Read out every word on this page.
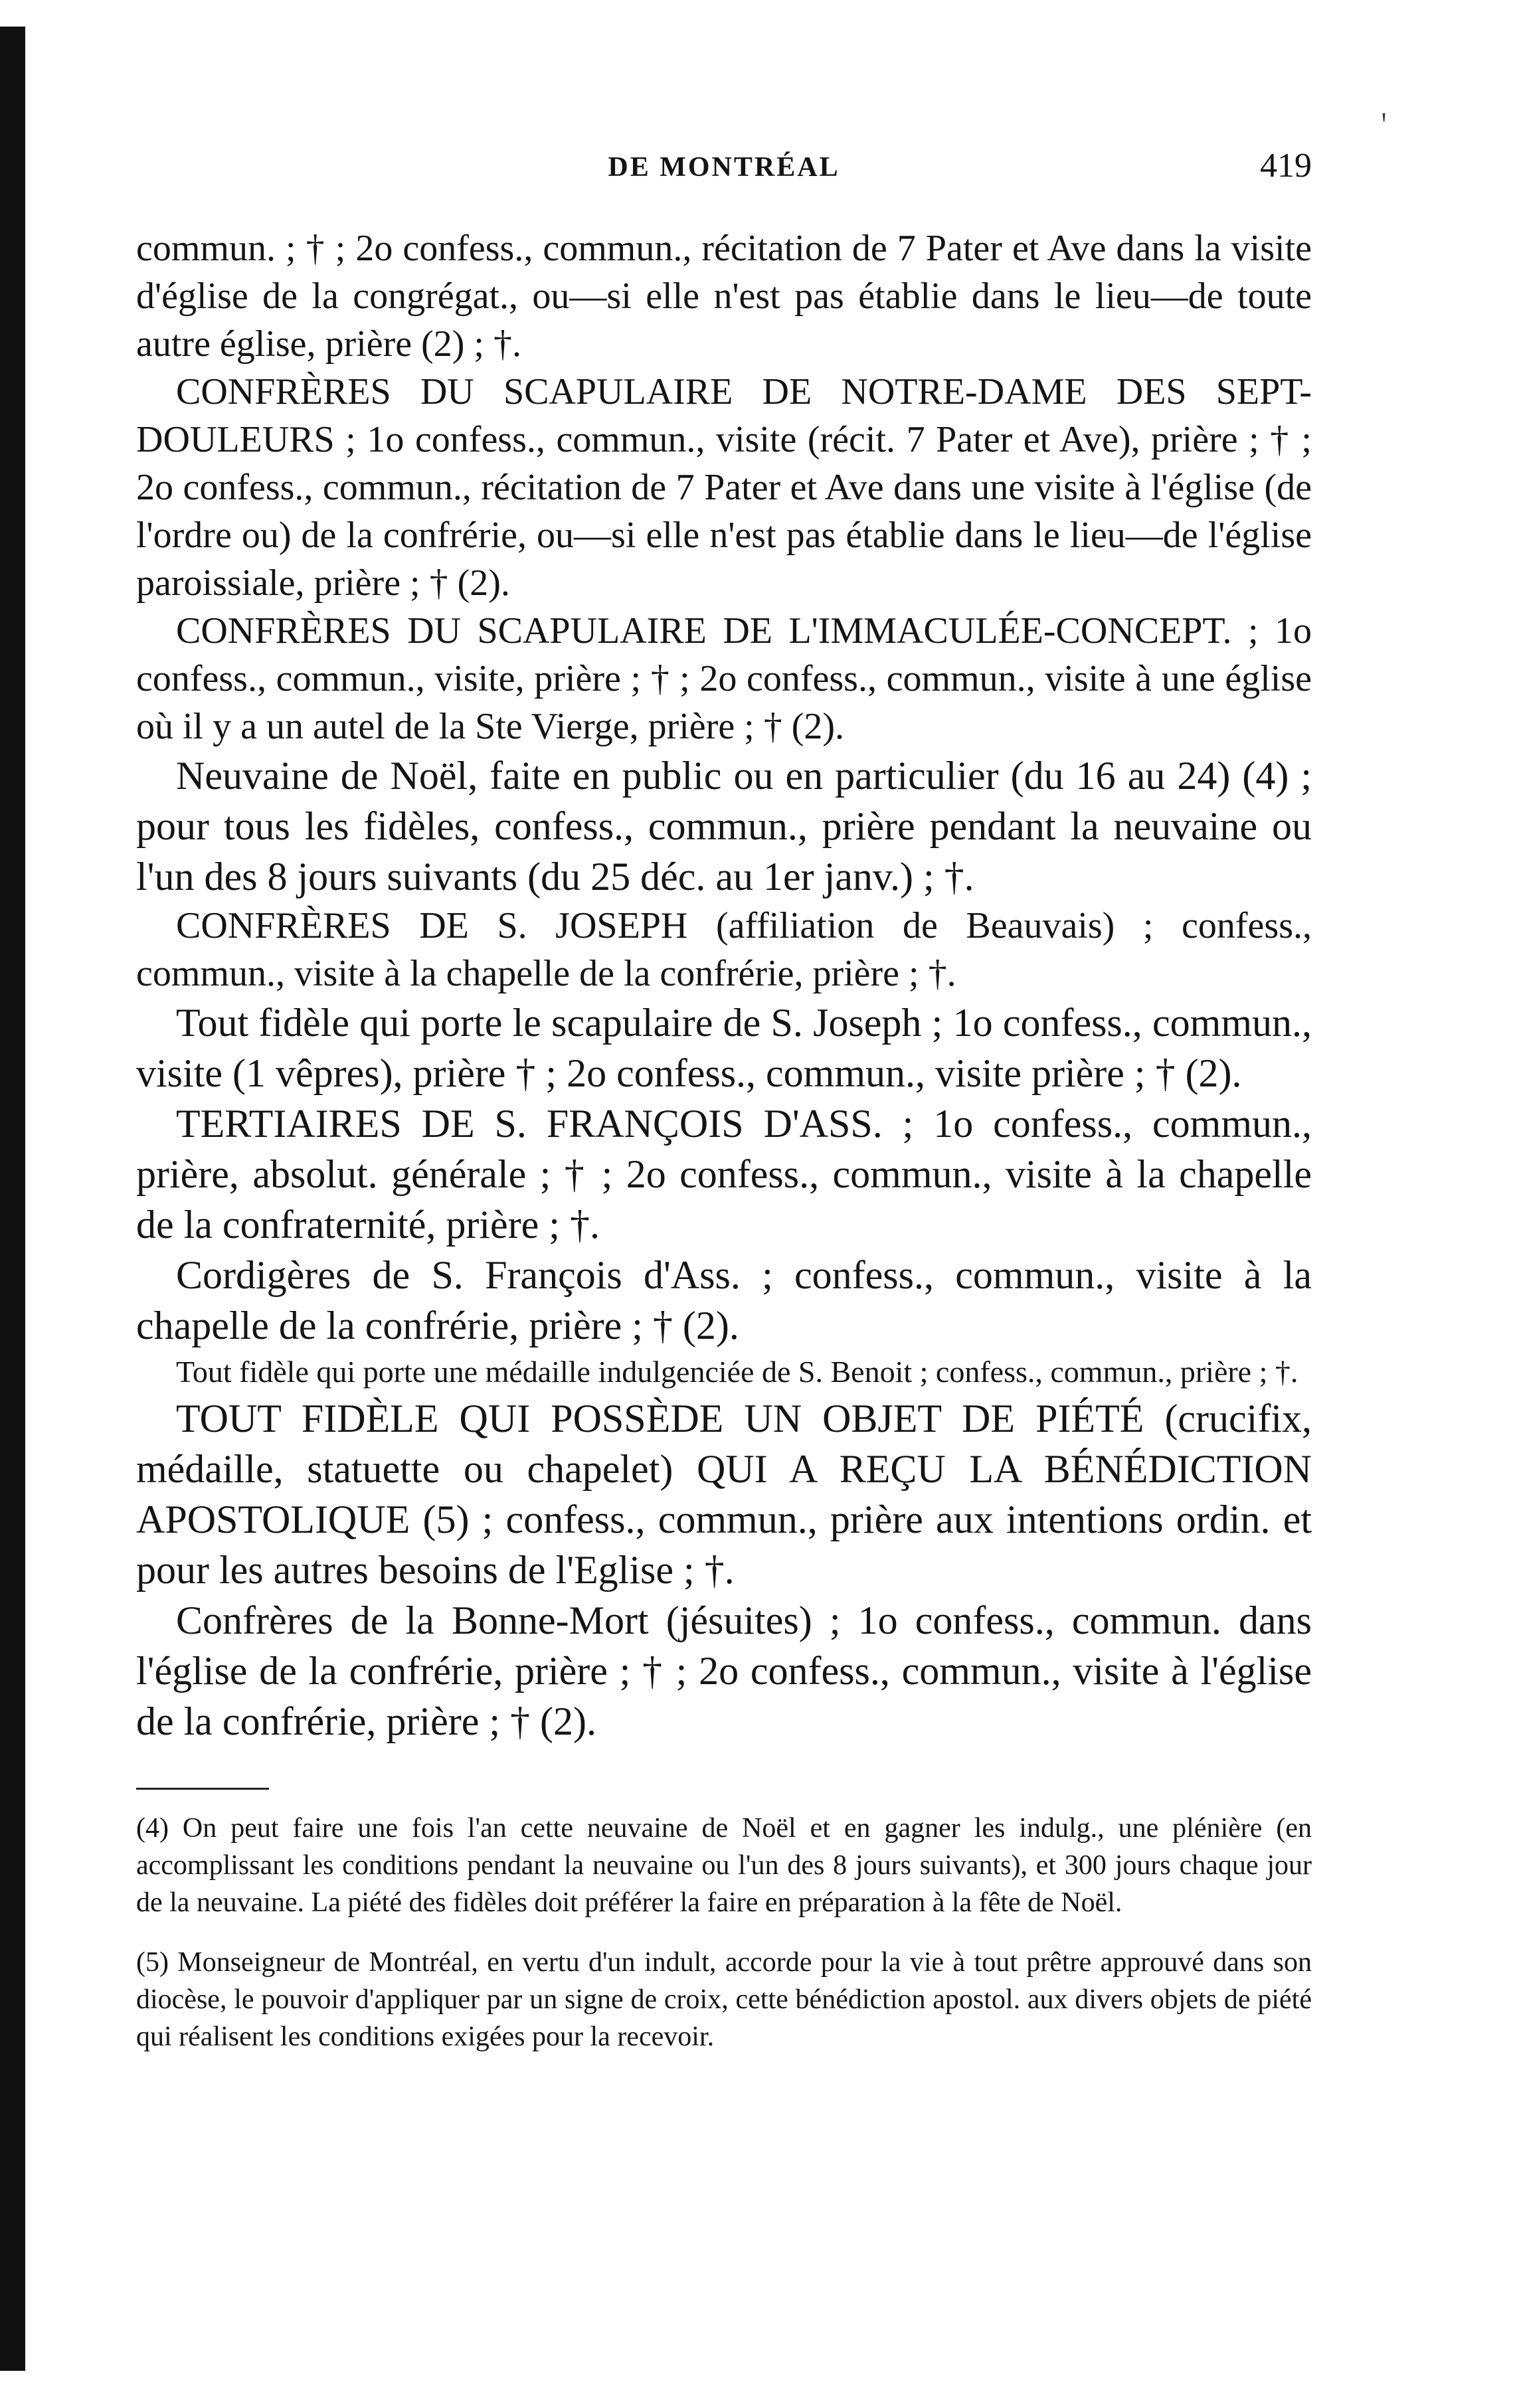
ꞌ
DE MONTRÉAL	419

commun. ; † ; 2o confess., commun., récitation de 7 Pater et Ave dans la visite d'église de la congrégat., ou—si elle n'est pas établie dans le lieu—de toute autre église, prière (2) ; †.

CONFRÈRES DU SCAPULAIRE DE NOTRE-DAME DES SEPT-DOULEURS ; 1o confess., commun., visite (récit. 7 Pater et Ave), prière ; † ; 2o confess., commun., récitation de 7 Pater et Ave dans une visite à l'église (de l'ordre ou) de la confrérie, ou—si elle n'est pas établie dans le lieu—de l'église paroissiale, prière ; † (2).

CONFRÈRES DU SCAPULAIRE DE L'IMMACULÉE-CONCEPT. ; 1o confess., commun., visite, prière ; † ; 2o confess., commun., visite à une église où il y a un autel de la Ste Vierge, prière ; † (2).

Neuvaine de Noël, faite en public ou en particulier (du 16 au 24) (4) ; pour tous les fidèles, confess., commun., prière pendant la neuvaine ou l'un des 8 jours suivants (du 25 déc. au 1er janv.) ; †.

CONFRÈRES DE S. JOSEPH (affiliation de Beauvais) ; confess., commun., visite à la chapelle de la confrérie, prière ; †.

Tout fidèle qui porte le scapulaire de S. Joseph ; 1o confess., commun., visite (1 vêpres), prière † ; 2o confess., commun., visite prière ; † (2).

TERTIAIRES DE S. FRANÇOIS D'ASS. ; 1o confess., commun., prière, absolut. générale ; † ; 2o confess., commun., visite à la chapelle de la confraternité, prière ; †.

Cordigères de S. François d'Ass. ; confess., commun., visite à la chapelle de la confrérie, prière ; † (2).

Tout fidèle qui porte une médaille indulgenciée de S. Benoit ; confess., commun., prière ; †.

TOUT FIDÈLE QUI POSSÈDE UN OBJET DE PIÉTÉ (crucifix, médaille, statuette ou chapelet) QUI A REÇU LA BÉNÉDICTION APOSTOLIQUE (5) ; confess., commun., prière aux intentions ordin. et pour les autres besoins de l'Eglise ; †.

Confrères de la Bonne-Mort (jésuites) ; 1o confess., commun. dans l'église de la confrérie, prière ; † ; 2o confess., commun., visite à l'église de la confrérie, prière ; † (2).

(4) On peut faire une fois l'an cette neuvaine de Noël et en gagner les indulg., une plénière (en accomplissant les conditions pendant la neuvaine ou l'un des 8 jours suivants), et 300 jours chaque jour de la neuvaine. La piété des fidèles doit préférer la faire en préparation à la fête de Noël.

(5) Monseigneur de Montréal, en vertu d'un indult, accorde pour la vie à tout prêtre approuvé dans son diocèse, le pouvoir d'appliquer par un signe de croix, cette bénédiction apostol. aux divers objets de piété qui réalisent les conditions exigées pour la recevoir.
